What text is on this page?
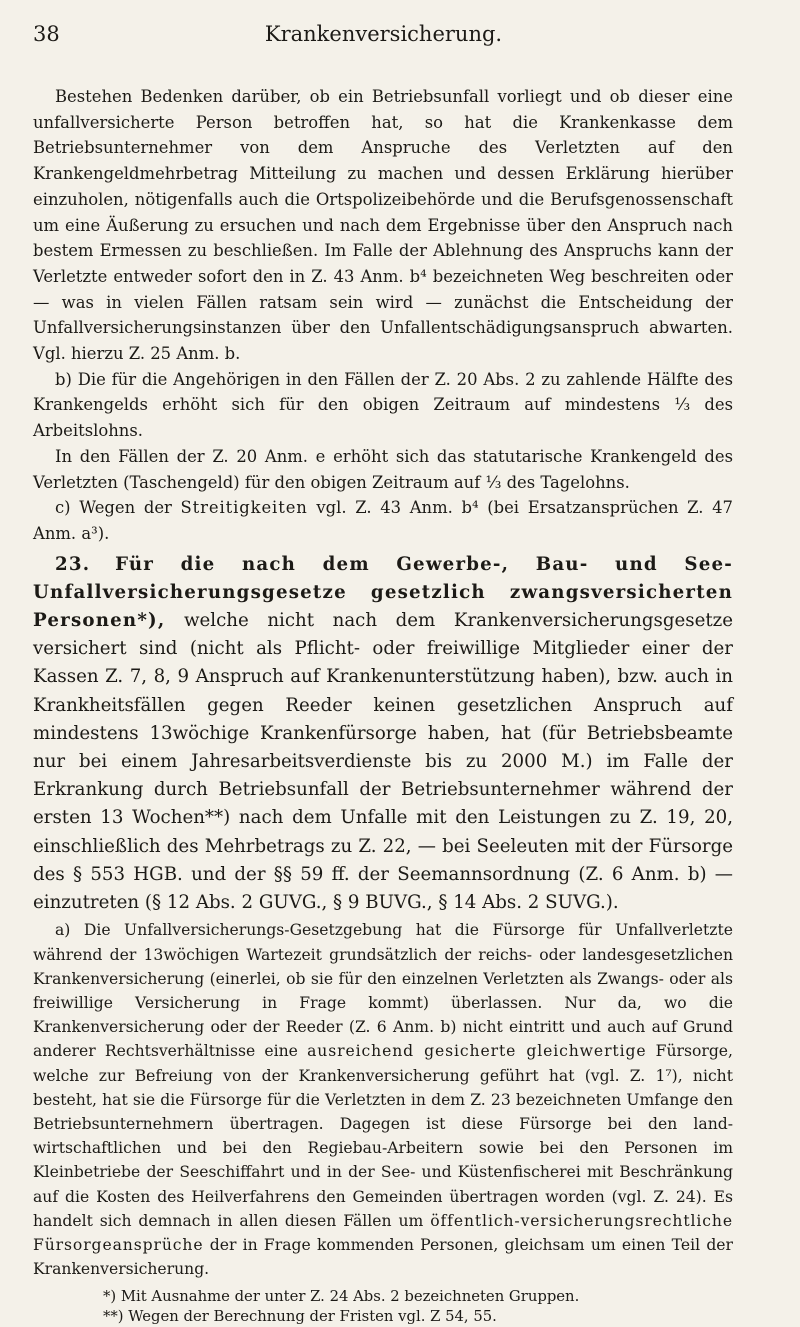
38	Krankenversicherung.

Bestehen Bedenken darüber, ob ein Betriebsunfall vorliegt und ob dieser eine unfallversicherte Person betroffen hat, so hat die Krankenkasse dem Betriebsunternehmer von dem Anspruche des Verletzten auf den Krankengeldmehrbetrag Mitteilung zu machen und dessen Erklärung hierüber einzuholen, nötigenfalls auch die Ortspolizeibehörde und die Berufsgenossenschaft um eine Äußerung zu ersuchen und nach dem Ergebnisse über den Anspruch nach bestem Ermessen zu beschließen. Im Falle der Ablehnung des Anspruchs kann der Verletzte entweder sofort den in Z. 43 Anm. b⁴ bezeichneten Weg beschreiten oder — was in vielen Fällen ratsam sein wird — zunächst die Entscheidung der Unfallversicherungsinstanzen über den Unfallentschädigungsanspruch abwarten. Vgl. hierzu Z. 25 Anm. b.

b) Die für die Angehörigen in den Fällen der Z. 20 Abs. 2 zu zahlende Hälfte des Krankengelds erhöht sich für den obigen Zeitraum auf mindestens ⅓ des Arbeitslohns.

In den Fällen der Z. 20 Anm. e erhöht sich das statutarische Krankengeld des Verletzten (Taschengeld) für den obigen Zeitraum auf ⅓ des Tagelohns.

c) Wegen der Streitigkeiten vgl. Z. 43 Anm. b⁴ (bei Ersatzansprüchen Z. 47 Anm. a³).

23. Für die nach dem Gewerbe-, Bau- und See-Unfallversicherungsgesetze gesetzlich zwangsversicherten Personen*), welche nicht nach dem Krankenversicherungsgesetze versichert sind (nicht als Pflicht- oder freiwillige Mitglieder einer der Kassen Z. 7, 8, 9 Anspruch auf Krankenunterstützung haben), bzw. auch in Krankheitsfällen gegen Reeder keinen gesetzlichen Anspruch auf mindestens 13wöchige Krankenfürsorge haben, hat (für Betriebsbeamte nur bei einem Jahresarbeitsverdienste bis zu 2000 M.) im Falle der Erkrankung durch Betriebsunfall der Betriebsunternehmer während der ersten 13 Wochen**) nach dem Unfalle mit den Leistungen zu Z. 19, 20, einschließlich des Mehrbetrags zu Z. 22, — bei Seeleuten mit der Fürsorge des § 553 HGB. und der §§ 59 ff. der Seemannsordnung (Z. 6 Anm. b) — einzutreten (§ 12 Abs. 2 GUVG., § 9 BUVG., § 14 Abs. 2 SUVG.).

a) Die Unfallversicherungs-Gesetzgebung hat die Fürsorge für Unfallverletzte während der 13wöchigen Wartezeit grundsätzlich der reichs- oder landesgesetzlichen Krankenversicherung (einerlei, ob sie für den einzelnen Verletzten als Zwangs- oder als freiwillige Versicherung in Frage kommt) überlassen. Nur da, wo die Krankenversicherung oder der Reeder (Z. 6 Anm. b) nicht eintritt und auch auf Grund anderer Rechtsverhältnisse eine ausreichend gesicherte gleichwertige Fürsorge, welche zur Befreiung von der Krankenversicherung geführt hat (vgl. Z. 1⁷), nicht besteht, hat sie die Fürsorge für die Verletzten in dem Z. 23 bezeichneten Umfange den Betriebsunternehmern übertragen. Dagegen ist diese Fürsorge bei den land- wirtschaftlichen und bei den Regiebau-Arbeitern sowie bei den Personen im Kleinbetriebe der Seeschiffahrt und in der See- und Küstenfischerei mit Beschränkung auf die Kosten des Heilverfahrens den Gemeinden übertragen worden (vgl. Z. 24). Es handelt sich demnach in allen diesen Fällen um öffentlich-versicherungsrechtliche Fürsorgeansprüche der in Frage kommenden Personen, gleichsam um einen Teil der Krankenversicherung.

*) Mit Ausnahme der unter Z. 24 Abs. 2 bezeichneten Gruppen.

**) Wegen der Berechnung der Fristen vgl. Z 54, 55.
